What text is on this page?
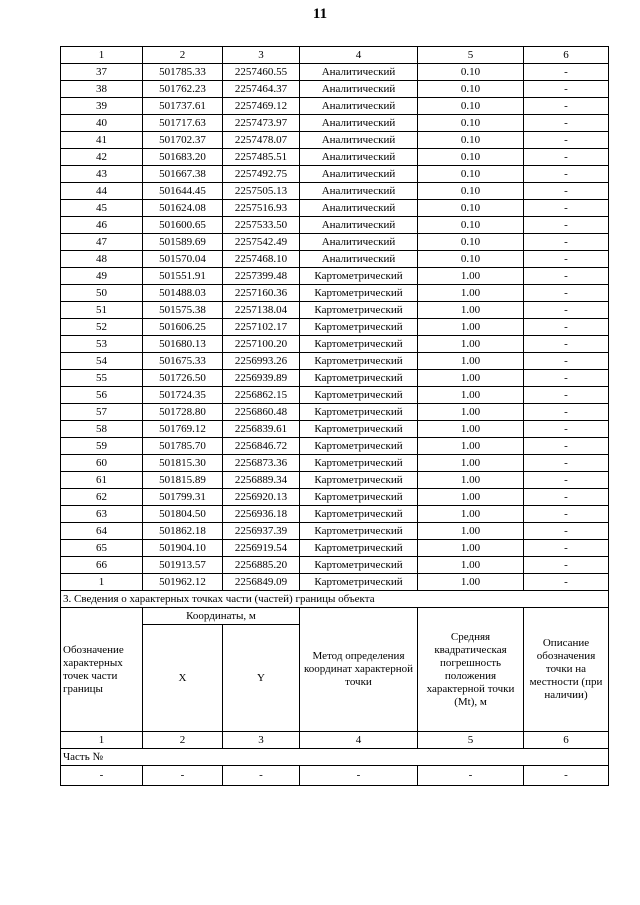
11
1	2	3	4	5	6
37	501785.33	2257460.55	Аналитический	0.10	-
38	501762.23	2257464.37	Аналитический	0.10	-
39	501737.61	2257469.12	Аналитический	0.10	-
40	501717.63	2257473.97	Аналитический	0.10	-
41	501702.37	2257478.07	Аналитический	0.10	-
42	501683.20	2257485.51	Аналитический	0.10	-
43	501667.38	2257492.75	Аналитический	0.10	-
44	501644.45	2257505.13	Аналитический	0.10	-
45	501624.08	2257516.93	Аналитический	0.10	-
46	501600.65	2257533.50	Аналитический	0.10	-
47	501589.69	2257542.49	Аналитический	0.10	-
48	501570.04	2257468.10	Аналитический	0.10	-
49	501551.91	2257399.48	Картометрический	1.00	-
50	501488.03	2257160.36	Картометрический	1.00	-
51	501575.38	2257138.04	Картометрический	1.00	-
52	501606.25	2257102.17	Картометрический	1.00	-
53	501680.13	2257100.20	Картометрический	1.00	-
54	501675.33	2256993.26	Картометрический	1.00	-
55	501726.50	2256939.89	Картометрический	1.00	-
56	501724.35	2256862.15	Картометрический	1.00	-
57	501728.80	2256860.48	Картометрический	1.00	-
58	501769.12	2256839.61	Картометрический	1.00	-
59	501785.70	2256846.72	Картометрический	1.00	-
60	501815.30	2256873.36	Картометрический	1.00	-
61	501815.89	2256889.34	Картометрический	1.00	-
62	501799.31	2256920.13	Картометрический	1.00	-
63	501804.50	2256936.18	Картометрический	1.00	-
64	501862.18	2256937.39	Картометрический	1.00	-
65	501904.10	2256919.54	Картометрический	1.00	-
66	501913.57	2256885.20	Картометрический	1.00	-
1	501962.12	2256849.09	Картометрический	1.00	-
3. Сведения о характерных точках части (частей) границы объекта					
Обозначение характерных точек части границы	Координаты, м		Метод определения координат характерной точки	Средняя квадратическая погрешность положения характерной точки (Mt), м	Описание обозначения точки на местности (при наличии)
	X	Y			
1	2	3	4	5	6
Часть №					
-	-	-	-	-	-
